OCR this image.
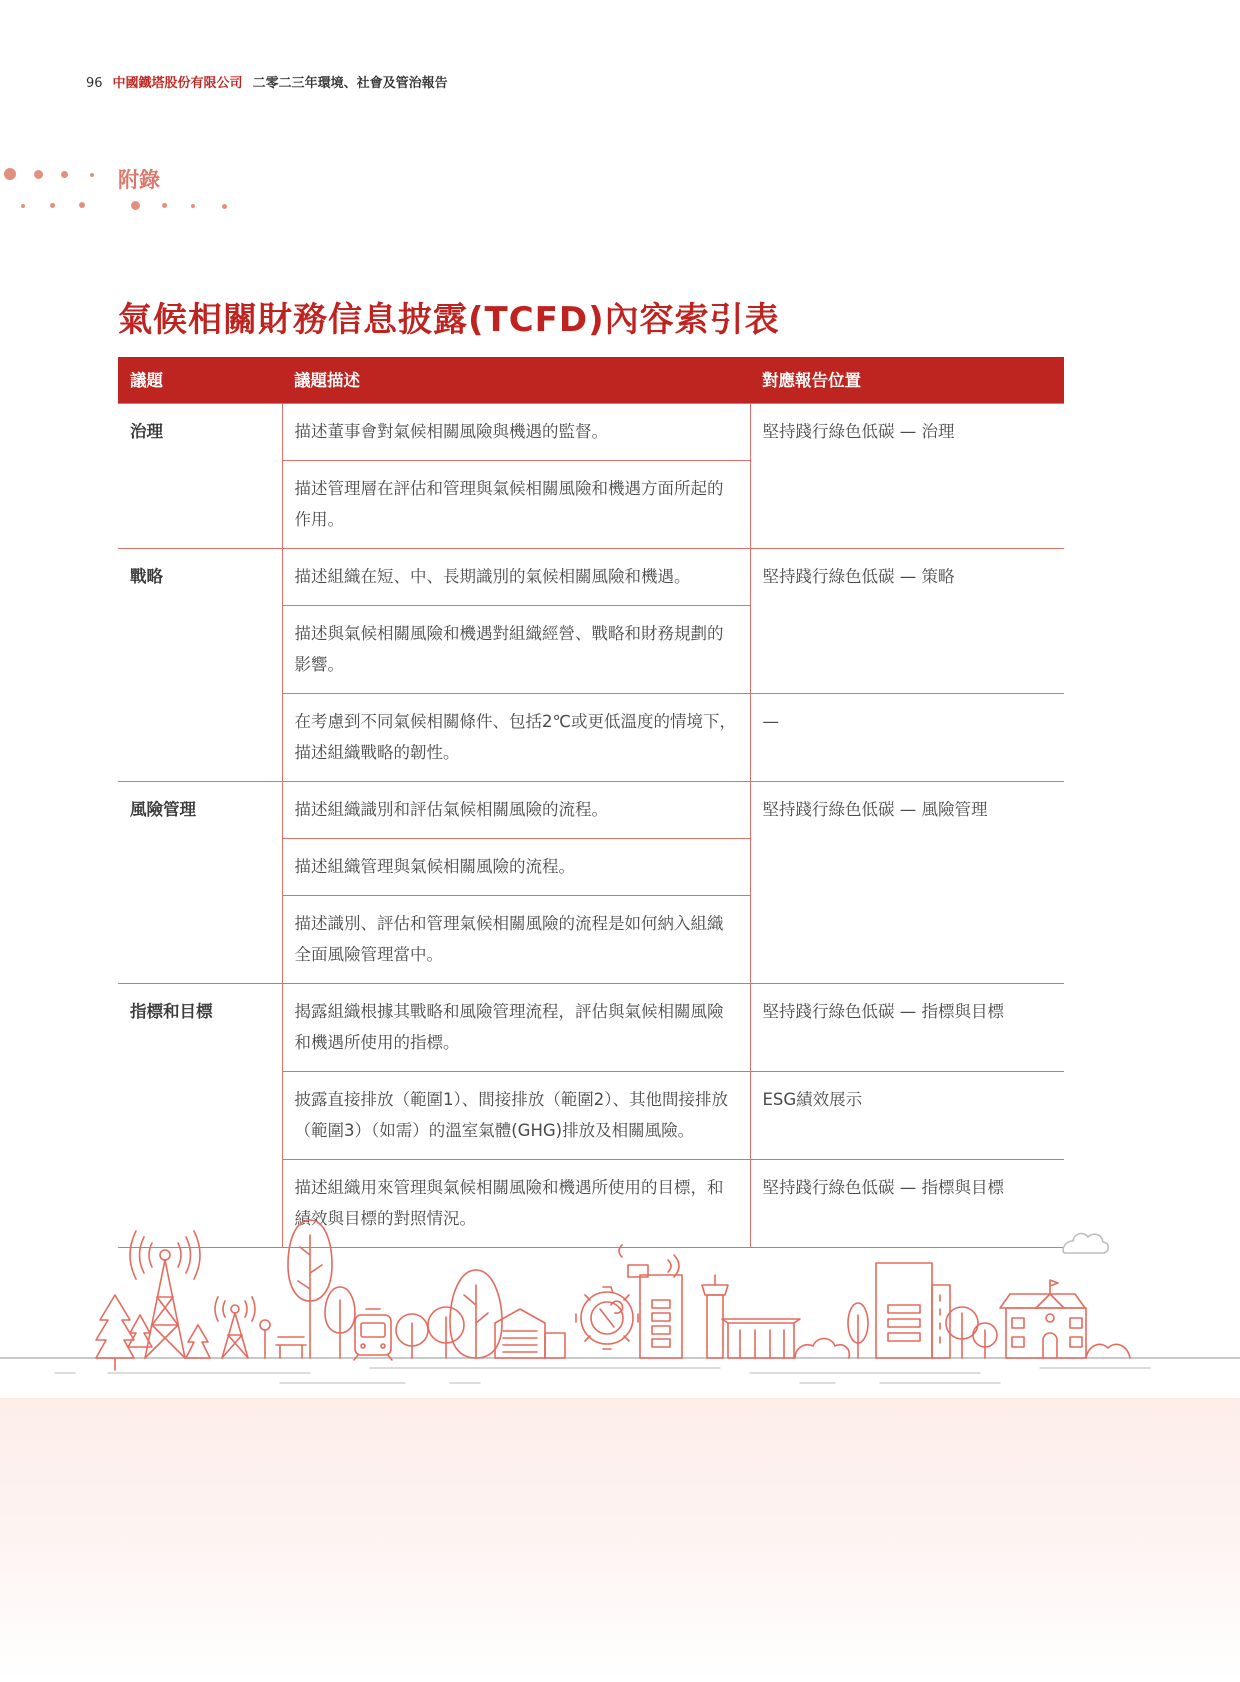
96 中國鐵塔股份有限公司 二零二三年環境、社會及管治報告
附錄
氣候相關財務信息披露(TCFD)內容索引表
議題	議題描述	對應報告位置
治理	描述董事會對氣候相關風險與機遇的監督。	堅持踐行綠色低碳 — 治理
	描述管理層在評估和管理與氣候相關風險和機遇方面所起的作用。	
戰略	描述組織在短、中、長期識別的氣候相關風險和機遇。	堅持踐行綠色低碳 — 策略
	描述與氣候相關風險和機遇對組織經營、戰略和財務規劃的影響。	
	在考慮到不同氣候相關條件、包括2℃或更低溫度的情境下，描述組織戰略的韌性。	—
風險管理	描述組織識別和評估氣候相關風險的流程。	堅持踐行綠色低碳 — 風險管理
	描述組織管理與氣候相關風險的流程。	
	描述識別、評估和管理氣候相關風險的流程是如何納入組織全面風險管理當中。	
指標和目標	揭露組織根據其戰略和風險管理流程，評估與氣候相關風險和機遇所使用的指標。	堅持踐行綠色低碳 — 指標與目標
	披露直接排放（範圍1）、間接排放（範圍2）、其他間接排放（範圍3）（如需）的溫室氣體(GHG)排放及相關風險。	ESG績效展示
	描述組織用來管理與氣候相關風險和機遇所使用的目標，和績效與目標的對照情況。	堅持踐行綠色低碳 — 指標與目標
